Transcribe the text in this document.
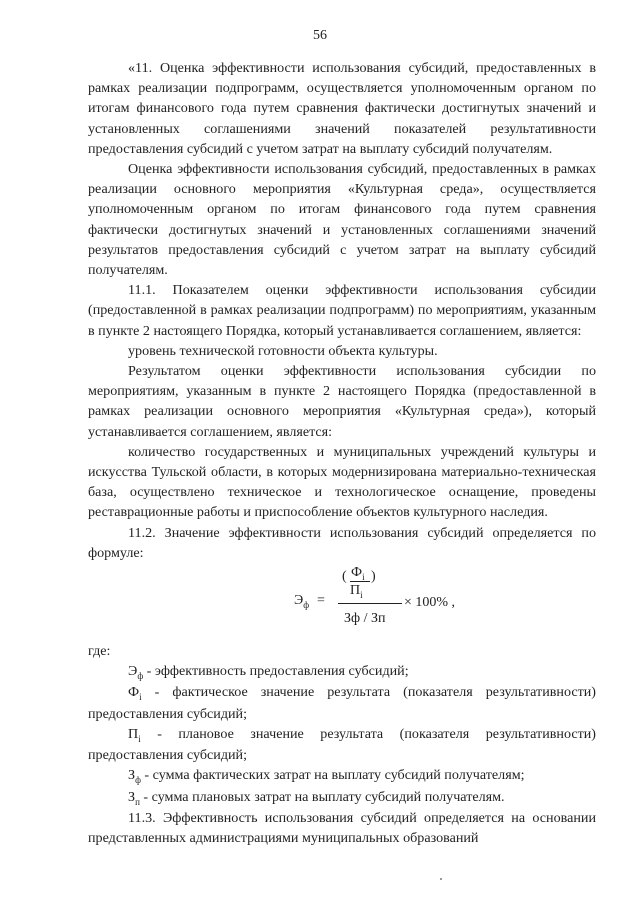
56

«11. Оценка эффективности использования субсидий, предоставленных в рамках реализации подпрограмм, осуществляется уполномоченным органом по итогам финансового года путем сравнения фактически достигнутых значений и установленных соглашениями значений показателей результативности предоставления субсидий с учетом затрат на выплату субсидий получателям.

Оценка эффективности использования субсидий, предоставленных в рамках реализации основного мероприятия «Культурная среда», осуществляется уполномоченным органом по итогам финансового года путем сравнения фактически достигнутых значений и установленных соглашениями значений результатов предоставления субсидий с учетом затрат на выплату субсидий получателям.

11.1. Показателем оценки эффективности использования субсидии (предоставленной в рамках реализации подпрограмм) по мероприятиям, указанным в пункте 2 настоящего Порядка, который устанавливается соглашением, является:

уровень технической готовности объекта культуры.

Результатом оценки эффективности использования субсидии по мероприятиям, указанным в пункте 2 настоящего Порядка (предоставленной в рамках реализации основного мероприятия «Культурная среда»), который устанавливается соглашением, является:

количество государственных и муниципальных учреждений культуры и искусства Тульской области, в которых модернизирована материально-техническая база, осуществлено техническое и технологическое оснащение, проведены реставрационные работы и приспособление объектов культурного наследия.

11.2. Значение эффективности использования субсидий определяется по формуле:

$Э_ф$ =
( $Ф_i$
$П_i$
)
Зф / Зп
× 100% ,

где:

$Э_ф$ - эффективность предоставления субсидий;

$Ф_i$ - фактическое значение результата (показателя результативности) предоставления субсидий;

$П_i$ - плановое значение результата (показателя результативности) предоставления субсидий;

$З_ф$ - сумма фактических затрат на выплату субсидий получателям;

$З_п$ - сумма плановых затрат на выплату субсидий получателям.

11.3. Эффективность использования субсидий определяется на основании представленных администрациями муниципальных образований
